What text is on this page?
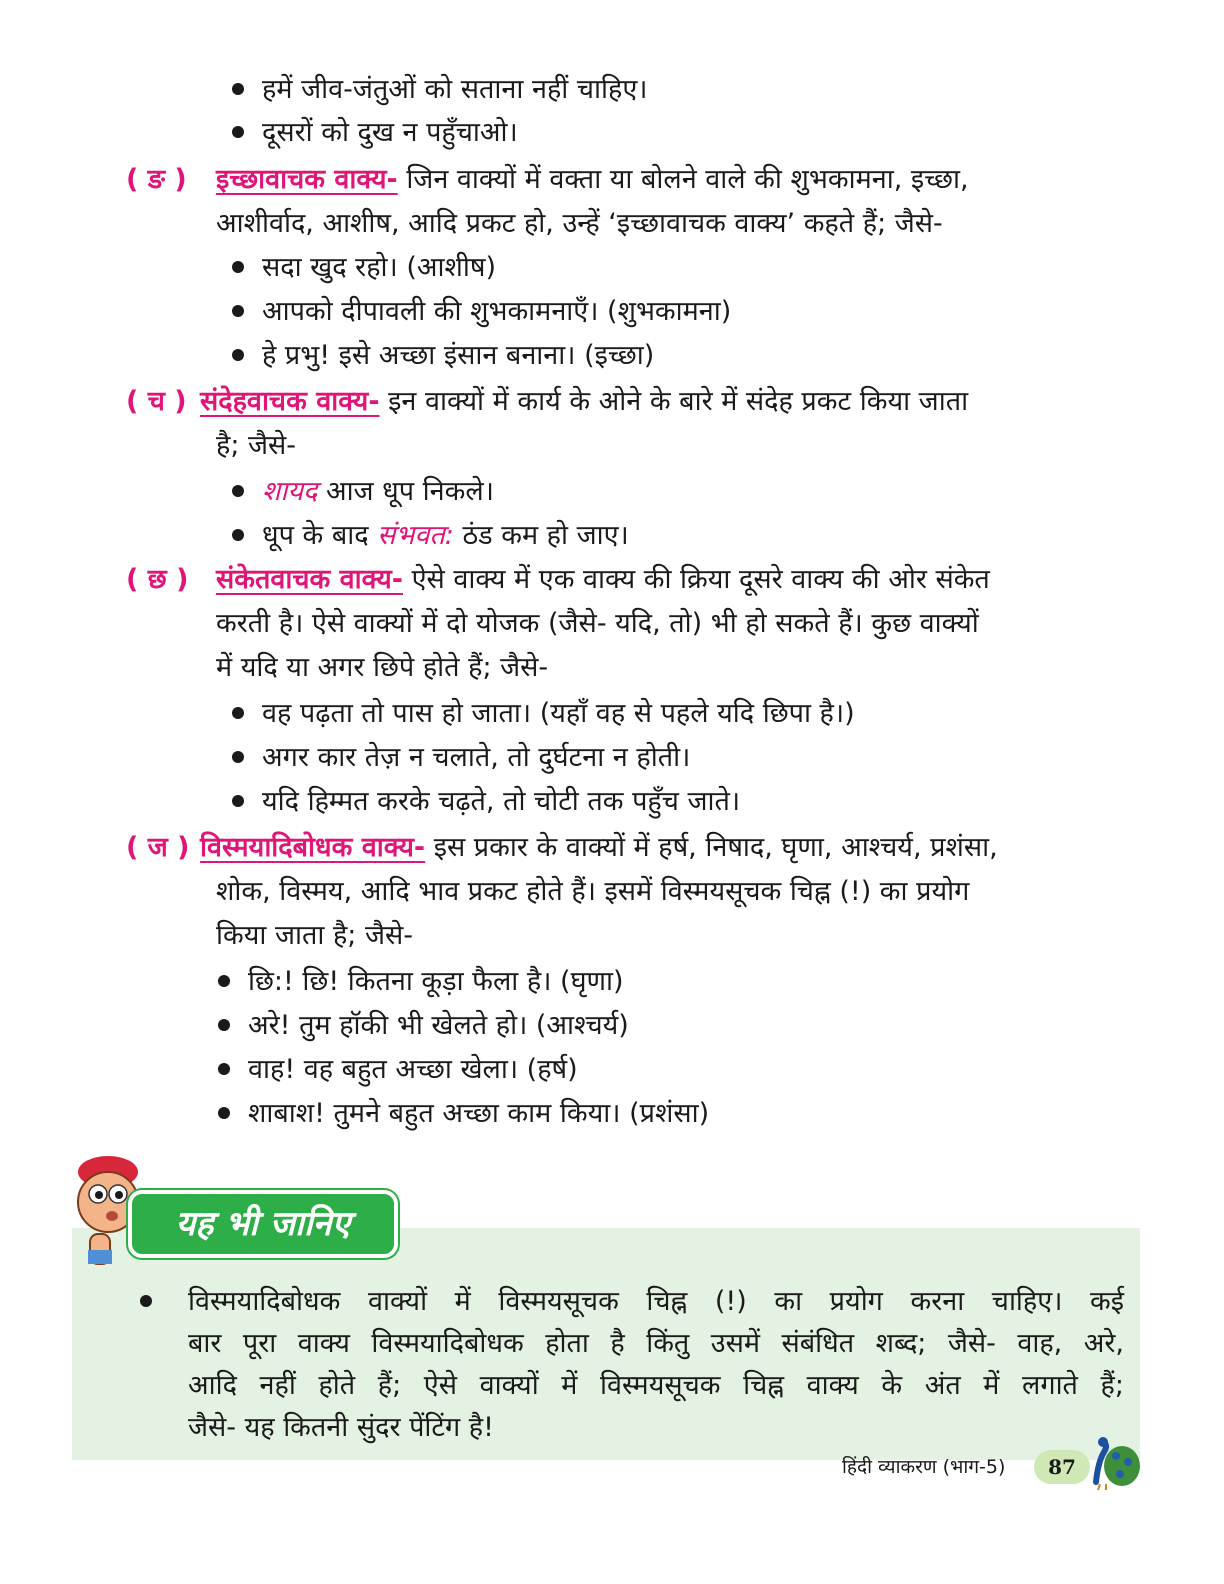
हमें जीव-जंतुओं को सताना नहीं चाहिए।
दूसरों को दुख न पहुँचाओ।
( ङ ) इच्छावाचक वाक्य- जिन वाक्यों में वक्ता या बोलने वाले की शुभकामना, इच्छा,
आशीर्वाद, आशीष, आदि प्रकट हो, उन्हें ‘इच्छावाचक वाक्य’ कहते हैं; जैसे-
सदा खुद रहो। (आशीष)
आपको दीपावली की शुभकामनाएँ। (शुभकामना)
हे प्रभु! इसे अच्छा इंसान बनाना। (इच्छा)
( च ) संदेहवाचक वाक्य- इन वाक्यों में कार्य के ओने के बारे में संदेह प्रकट किया जाता
है; जैसे-
शायद आज धूप निकले।
धूप के बाद संभवत: ठंड कम हो जाए।
( छ ) संकेतवाचक वाक्य- ऐसे वाक्य में एक वाक्य की क्रिया दूसरे वाक्य की ओर संकेत
करती है। ऐसे वाक्यों में दो योजक (जैसे- यदि, तो) भी हो सकते हैं। कुछ वाक्यों
में यदि या अगर छिपे होते हैं; जैसे-
वह पढ़ता तो पास हो जाता। (यहाँ वह से पहले यदि छिपा है।)
अगर कार तेज़ न चलाते, तो दुर्घटना न होती।
यदि हिम्मत करके चढ़ते, तो चोटी तक पहुँच जाते।
( ज ) विस्मयादिबोधक वाक्य- इस प्रकार के वाक्यों में हर्ष, निषाद, घृणा, आश्चर्य, प्रशंसा,
शोक, विस्मय, आदि भाव प्रकट होते हैं। इसमें विस्मयसूचक चिह्न (!) का प्रयोग
किया जाता है; जैसे-
छि:! छि! कितना कूड़ा फैला है। (घृणा)
अरे! तुम हॉकी भी खेलते हो। (आश्चर्य)
वाह! वह बहुत अच्छा खेला। (हर्ष)
शाबाश! तुमने बहुत अच्छा काम किया। (प्रशंसा)
यह भी जानिए
विस्मयादिबोधक वाक्यों में विस्मयसूचक चिह्न (!) का प्रयोग करना चाहिए। कई
बार पूरा वाक्य विस्मयादिबोधक होता है किंतु उसमें संबंधित शब्द; जैसे- वाह, अरे,
आदि नहीं होते हैं; ऐसे वाक्यों में विस्मयसूचक चिह्न वाक्य के अंत में लगाते हैं;
जैसे- यह कितनी सुंदर पेंटिंग है!
हिंदी व्याकरण (भाग-5)	87
